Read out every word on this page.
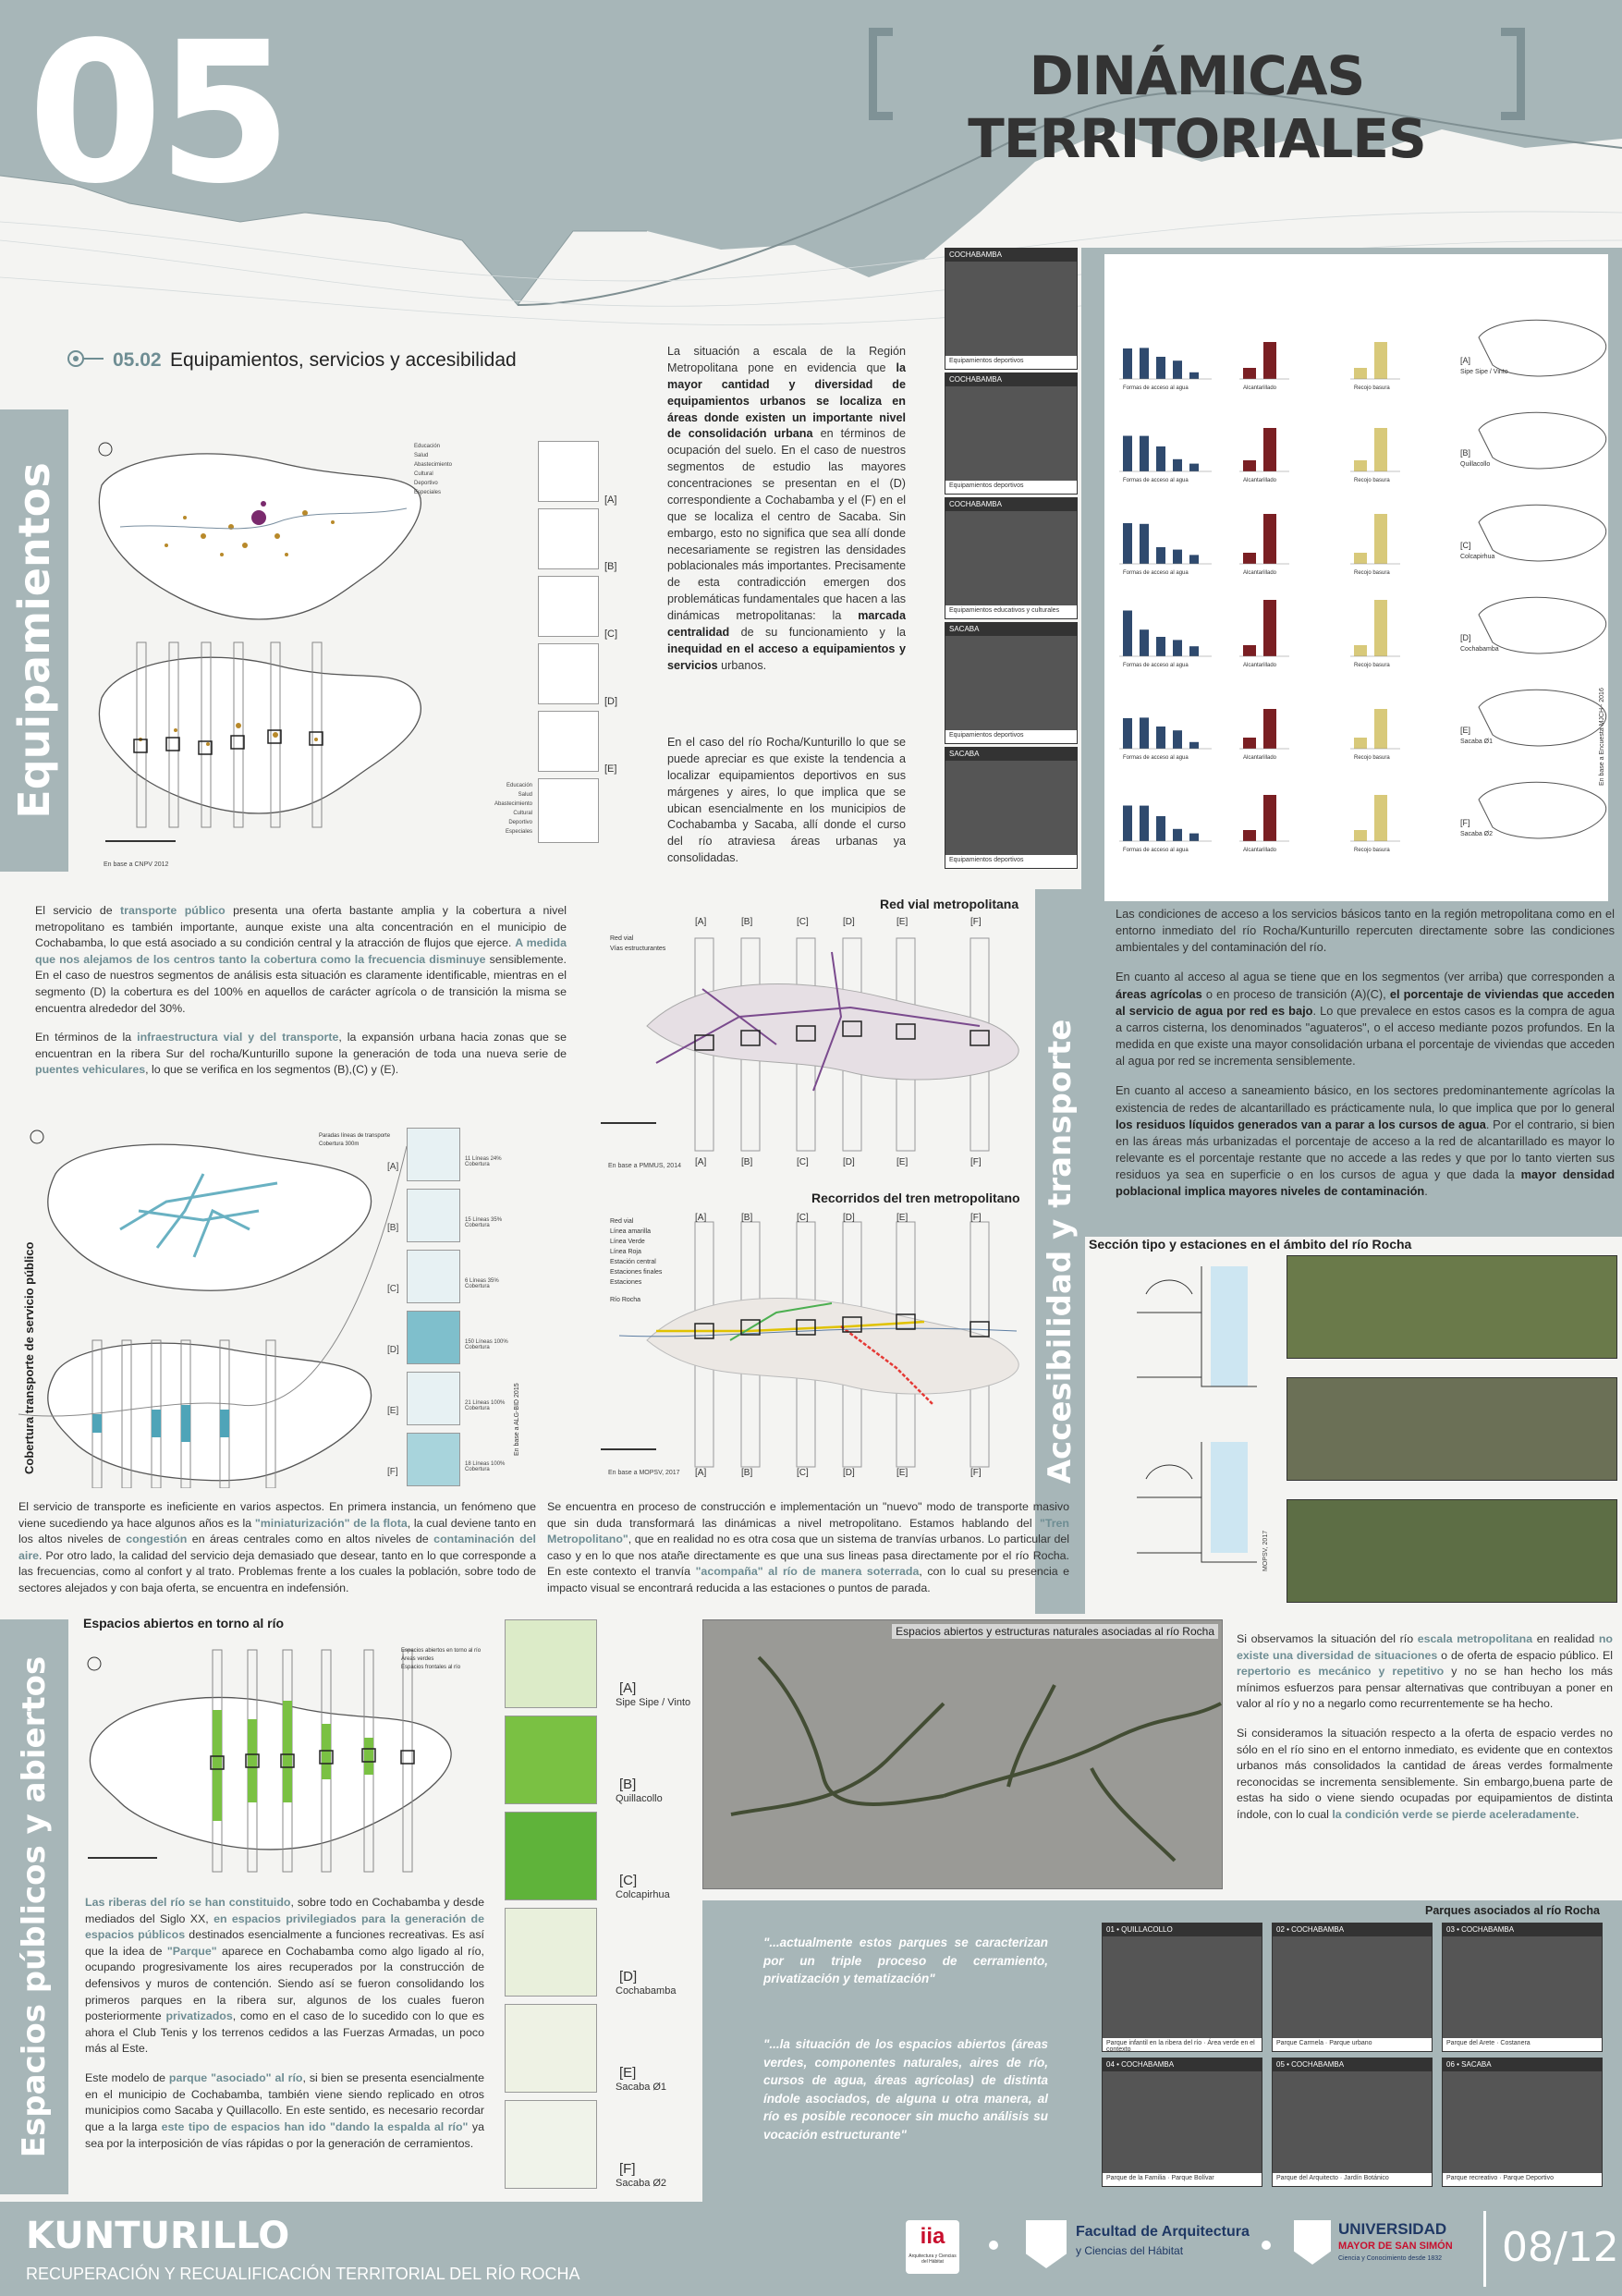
05	DINÁMICAS TERRITORIALES
05.02 Equipamientos, servicios y accesibilidad
Equipamientos
En base a CNPV 2012
Educación
Salud
Abastecimiento
Cultural
Deportivo
Especiales
Educación
Salud
Abastecimiento
Cultural
Deportivo
Especiales
[A]
[B]
[C]
[D]
[E]
La situación a escala de la Región Metropolitana pone en evidencia que la mayor cantidad y diversidad de equipamientos urbanos se localiza en áreas donde existen un importante nivel de consolidación urbana en términos de ocupación del suelo. En el caso de nuestros segmentos de estudio las mayores concentraciones se presentan en el (D) correspondiente a Cochabamba y el (F) en el que se localiza el centro de Sacaba. Sin embargo, esto no significa que sea allí donde necesariamente se registren las densidades poblacionales más importantes. Precisamente de esta contradicción emergen dos problemáticas fundamentales que hacen a las dinámicas metropolitanas: la marcada centralidad de su funcionamiento y la inequidad en el acceso a equipamientos y servicios urbanos.
En el caso del río Rocha/Kunturillo lo que se puede apreciar es que existe la tendencia a localizar equipamientos deportivos en sus márgenes y aires, lo que implica que se ubican esencialmente en los municipios de Cochabamba y Sacaba, allí donde el curso del río atraviesa áreas urbanas ya consolidadas.
COCHABAMBA
Equipamientos deportivos
COCHABAMBA
Equipamientos deportivos
COCHABAMBA
Equipamientos educativos y culturales
SACABA
Equipamientos deportivos
SACABA
Equipamientos deportivos
Acceso a servicios básicos
Formas de acceso al agua	Alcantarillado	Recojo basura
[A]
Sipe Sipe / Vinto
Formas de acceso al agua	Alcantarillado	Recojo basura
[B]
Quillacollo
Formas de acceso al agua	Alcantarillado	Recojo basura
[C]
Colcapirhua
Formas de acceso al agua	Alcantarillado	Recojo basura
[D]
Cochabamba
Formas de acceso al agua	Alcantarillado	Recojo basura
[E]
Sacaba Ø1
Formas de acceso al agua	Alcantarillado	Recojo basura
[F]
Sacaba Ø2
En base a Encuesta MJCH - 2016

Las condiciones de acceso a los servicios básicos tanto en la región metropolitana como en el entorno inmediato del río Rocha/Kunturillo repercuten directamente sobre las condiciones ambientales y del contaminación del río.

En cuanto al acceso al agua se tiene que en los segmentos (ver arriba) que corresponden a áreas agrícolas o en proceso de transición (A)(C), el porcentaje de viviendas que acceden al servicio de agua por red es bajo. Lo que prevalece en estos casos es la compra de agua a carros cisterna, los denominados "aguateros", o el acceso mediante pozos profundos. En la medida en que existe una mayor consolidación urbana el porcentaje de viviendas que acceden al agua por red se incrementa sensiblemente.

En cuanto al acceso a saneamiento básico, en los sectores predominantemente agrícolas la existencia de redes de alcantarillado es prácticamente nula, lo que implica que por lo general los residuos líquidos generados van a parar a los cursos de agua. Por el contrario, si bien en las áreas más urbanizadas el porcentaje de acceso a la red de alcantarillado es mayor lo relevante es el porcentaje restante que no accede a las redes y que por lo tanto vierten sus residuos ya sea en superficie o en los cursos de agua y que dada la mayor densidad poblacional implica mayores niveles de contaminación.

Accesibilidad y transporte

El servicio de transporte público presenta una oferta bastante amplia y la cobertura a nivel metropolitano es también importante, aunque existe una alta concentración en el municipio de Cochabamba, lo que está asociado a su condición central y la atracción de flujos que ejerce. A medida que nos alejamos de los centros tanto la cobertura como la frecuencia disminuye sensiblemente. En el caso de nuestros segmentos de análisis esta situación es claramente identificable, mientras en el segmento (D) la cobertura es del 100% en aquellos de carácter agrícola o de transición la misma se encuentra alrededor del 30%.

En términos de la infraestructura vial y del transporte, la expansión urbana hacia zonas que se encuentran en la ribera Sur del rocha/Kunturillo supone la generación de toda una nueva serie de puentes vehiculares, lo que se verifica en los segmentos (B),(C) y (E).

Paradas líneas de transporte
Cobertura 300m
Cobertura transporte de servicio público	En base a ALG-BID 2015
11 Líneas 24% Cobertura
[A]
15 Líneas 35% Cobertura
[B]
6 Líneas 35% Cobertura
[C]
150 Líneas 100% Cobertura
[D]
21 Líneas 100% Cobertura
[E]
18 Líneas 100% Cobertura
[F]
Red vial metropolitana
Red vial
Vías estructurantes
En base a PMMUS, 2014
[A]	[B]	[C]	[D]	[E]	[F]
[A]	[B]	[C]	[D]	[E]	[F]
Recorridos del tren metropolitano
Red vial
Línea amarilla
Línea Verde
Línea Roja
Estación central
Estaciones finales
Estaciones
Río Rocha
En base a MOPSV, 2017
[A]	[B]	[C]	[D]	[E]	[F]
[A]	[B]	[C]	[D]	[E]	[F]
Sección tipo y estaciones en el ámbito del río Rocha
MOPSV, 2017
El servicio de transporte es ineficiente en varios aspectos. En primera instancia, un fenómeno que viene sucediendo ya hace algunos años es la "miniaturización" de la flota, la cual deviene tanto en los altos niveles de congestión en áreas centrales como en altos niveles de contaminación del aire. Por otro lado, la calidad del servicio deja demasiado que desear, tanto en lo que corresponde a las frecuencias, como al confort y al trato. Problemas frente a los cuales la población, sobre todo de sectores alejados y con baja oferta, se encuentra en indefensión.
Se encuentra en proceso de construcción e implementación un "nuevo" modo de transporte masivo que sin duda transformará las dinámicas a nivel metropolitano. Estamos hablando del "Tren Metropolitano", que en realidad no es otra cosa que un sistema de tranvías urbanos. Lo particular del caso y en lo que nos atañe directamente es que una sus lineas pasa directamente por el río Rocha. En este contexto el tranvía "acompaña" al río de manera soterrada, con lo cual su presencia e impacto visual se encontrará reducida a las estaciones o puntos de parada.
Espacios públicos y abiertos
Espacios abiertos en torno al río
Espacios abiertos en torno al río
Áreas verdes
Espacios frontales al río
[A]
Sipe Sipe / Vinto
[B]
Quillacollo
[C]
Colcapirhua
[D]
Cochabamba
[E]
Sacaba Ø1
[F]
Sacaba Ø2

Las riberas del río se han constituido, sobre todo en Cochabamba y desde mediados del Siglo XX, en espacios privilegiados para la generación de espacios públicos destinados esencialmente a funciones recreativas. Es así que la idea de "Parque" aparece en Cochabamba como algo ligado al río, ocupando progresivamente los aires recuperados por la construcción de defensivos y muros de contención. Siendo así se fueron consolidando los primeros parques en la ribera sur, algunos de los cuales fueron posteriormente privatizados, como en el caso de lo sucedido con lo que es ahora el Club Tenis y los terrenos cedidos a las Fuerzas Armadas, un poco más al Este.

Este modelo de parque "asociado" al río, si bien se presenta esencialmente en el municipio de Cochabamba, también viene siendo replicado en otros municipios como Sacaba y Quillacollo. En este sentido, es necesario recordar que a la larga este tipo de espacios han ido "dando la espalda al río" ya sea por la interposición de vías rápidas o por la generación de cerramientos.

Espacios abiertos y estructuras naturales asociadas al río Rocha

Si observamos la situación del río escala metropolitana en realidad no existe una diversidad de situaciones o de oferta de espacio público. El repertorio es mecánico y repetitivo y no se han hecho los más mínimos esfuerzos para pensar alternativas que contribuyan a poner en valor al río y no a negarlo como recurrentemente se ha hecho.

Si consideramos la situación respecto a la oferta de espacio verdes no sólo en el río sino en el entorno inmediato, es evidente que en contextos urbanos más consolidados la cantidad de áreas verdes formalmente reconocidas se incrementa sensiblemente. Sin embargo,buena parte de estas ha sido o viene siendo ocupadas por equipamientos de distinta índole, con lo cual la condición verde se pierde aceleradamente.

"...actualmente estos parques se caracterizan por un triple proceso de cerramiento, privatización y tematización"
"...la situación de los espacios abiertos (áreas verdes, componentes naturales, aires de río, cursos de agua, áreas agrícolas) de distinta índole asociados, de alguna u otra manera, al río es posible reconocer sin mucho análisis su vocación estructurante"
Parques asociados al río Rocha
01 • QUILLACOLLO
Parque infantil en la ribera del río · Área verde en el contexto
02 • COCHABAMBA
Parque Carmela · Parque urbano
03 • COCHABAMBA
Parque del Arete · Costanera
04 • COCHABAMBA
Parque de la Familia · Parque Bolívar
05 • COCHABAMBA
Parque del Arquitecto · Jardín Botánico
06 • SACABA
Parque recreativo · Parque Deportivo
KUNTURILLO
RECUPERACIÓN Y RECUALIFICACIÓN TERRITORIAL DEL RÍO ROCHA
iia
Arquitectura y Ciencias del Hábitat
Facultad de Arquitectura
y Ciencias del Hábitat
UNIVERSIDAD
MAYOR DE SAN SIMÓN
Ciencia y Conocimiento desde 1832 08/12
